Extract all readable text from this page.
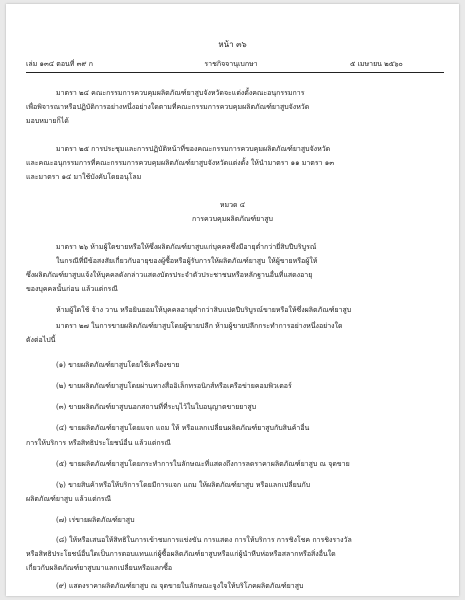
หน้า ๓๖
เล่ม ๑๓๔ ตอนที่ ๓๙ ก	ราชกิจจานุเบกษา	๕ เมษายน ๒๕๖๐
มาตรา ๒๔ คณะกรรมการควบคุมผลิตภัณฑ์ยาสูบจังหวัดจะแต่งตั้งคณะอนุกรรมการ
เพื่อพิจารณาหรือปฏิบัติการอย่างหนึ่งอย่างใดตามที่คณะกรรมการควบคุมผลิตภัณฑ์ยาสูบจังหวัด
มอบหมายก็ได้
มาตรา ๒๕ การประชุมและการปฏิบัติหน้าที่ของคณะกรรมการควบคุมผลิตภัณฑ์ยาสูบจังหวัด
และคณะอนุกรรมการที่คณะกรรมการควบคุมผลิตภัณฑ์ยาสูบจังหวัดแต่งตั้ง ให้นำมาตรา ๑๑ มาตรา ๑๓
และมาตรา ๑๔ มาใช้บังคับโดยอนุโลม
หมวด ๔
การควบคุมผลิตภัณฑ์ยาสูบ
มาตรา ๒๖ ห้ามผู้ใดขายหรือให้ซึ่งผลิตภัณฑ์ยาสูบแก่บุคคลซึ่งมีอายุต่ำกว่ายี่สิบปีบริบูรณ์
ในกรณีที่มีข้อสงสัยเกี่ยวกับอายุของผู้ซื้อหรือผู้รับการให้ผลิตภัณฑ์ยาสูบ ให้ผู้ขายหรือผู้ให้
ซึ่งผลิตภัณฑ์ยาสูบแจ้งให้บุคคลดังกล่าวแสดงบัตรประจำตัวประชาชนหรือหลักฐานอื่นที่แสดงอายุ
ของบุคคลนั้นก่อน แล้วแต่กรณี
ห้ามผู้ใดใช้ จ้าง วาน หรือยินยอมให้บุคคลอายุต่ำกว่าสิบแปดปีบริบูรณ์ขายหรือให้ซึ่งผลิตภัณฑ์ยาสูบ
มาตรา ๒๗ ในการขายผลิตภัณฑ์ยาสูบโดยผู้ขายปลีก ห้ามผู้ขายปลีกกระทำการอย่างหนึ่งอย่างใด
ดังต่อไปนี้
(๑) ขายผลิตภัณฑ์ยาสูบโดยใช้เครื่องขาย
(๒) ขายผลิตภัณฑ์ยาสูบโดยผ่านทางสื่ออิเล็กทรอนิกส์หรือเครือข่ายคอมพิวเตอร์
(๓) ขายผลิตภัณฑ์ยาสูบนอกสถานที่ที่ระบุไว้ในใบอนุญาตขายยาสูบ
(๔) ขายผลิตภัณฑ์ยาสูบโดยแจก แถม ให้ หรือแลกเปลี่ยนผลิตภัณฑ์ยาสูบกับสินค้าอื่น
การให้บริการ หรือสิทธิประโยชน์อื่น แล้วแต่กรณี
(๕) ขายผลิตภัณฑ์ยาสูบโดยกระทำการในลักษณะที่แสดงถึงการลดราคาผลิตภัณฑ์ยาสูบ ณ จุดขาย
(๖) ขายสินค้าหรือให้บริการโดยมีการแจก แถม ให้ผลิตภัณฑ์ยาสูบ หรือแลกเปลี่ยนกับ
ผลิตภัณฑ์ยาสูบ แล้วแต่กรณี
(๗) เร่ขายผลิตภัณฑ์ยาสูบ
(๘) ให้หรือเสนอให้สิทธิในการเข้าชมการแข่งขัน การแสดง การให้บริการ การชิงโชค การชิงรางวัล
หรือสิทธิประโยชน์อื่นใดเป็นการตอบแทนแก่ผู้ซื้อผลิตภัณฑ์ยาสูบหรือแก่ผู้นำหีบห่อหรือสลากหรือสิ่งอื่นใด
เกี่ยวกับผลิตภัณฑ์ยาสูบมาแลกเปลี่ยนหรือแลกซื้อ
(๙) แสดงราคาผลิตภัณฑ์ยาสูบ ณ จุดขายในลักษณะจูงใจให้บริโภคผลิตภัณฑ์ยาสูบ
